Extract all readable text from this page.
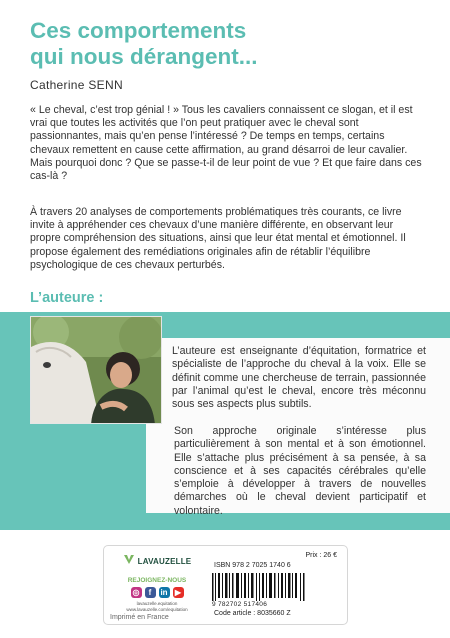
Ces comportements
qui nous dérangent...
Catherine SENN

« Le cheval, c’est trop génial ! » Tous les cavaliers connaissent ce slogan, et il est vrai que toutes les activités que l’on peut pratiquer avec le cheval sont passionnantes, mais qu’en pense l’intéressé ? De temps en temps, certains chevaux remettent en cause cette affirmation, au grand désarroi de leur cavalier. Mais pourquoi donc ? Que se passe-t-il de leur point de vue ? Et que faire dans ces cas-là ?

À travers 20 analyses de comportements problématiques très courants, ce livre invite à appréhender ces chevaux d’une manière différente, en observant leur propre compréhension des situations, ainsi que leur état mental et émotionnel. Il propose également des remédiations originales afin de rétablir l’équilibre psychologique de ces chevaux perturbés.

L’auteure :
L’auteure est enseignante d’équitation, formatrice et spécialiste de l’approche du cheval à la voix. Elle se définit comme une chercheuse de terrain, passionnée par l’animal qu’est le cheval, encore très méconnu sous ses aspects plus subtils.
Son approche originale s’intéresse plus particulièrement à son mental et à son émotionnel. Elle s’attache plus précisément à sa pensée, à sa conscience et à ses capacités cérébrales qu’elle s’emploie à développer à travers de nouvelles démarches où le cheval devient participatif et volontaire.
LAVAUZELLE
REJOIGNEZ-NOUS
◎	f	in ▶
lavauzelle.equitation
www.lavauzelle.com/equitation
Prix : 26 €
ISBN 978 2 7025 1740 6
9 782702 517406
Code article : 8035660 Z
Imprimé en France
